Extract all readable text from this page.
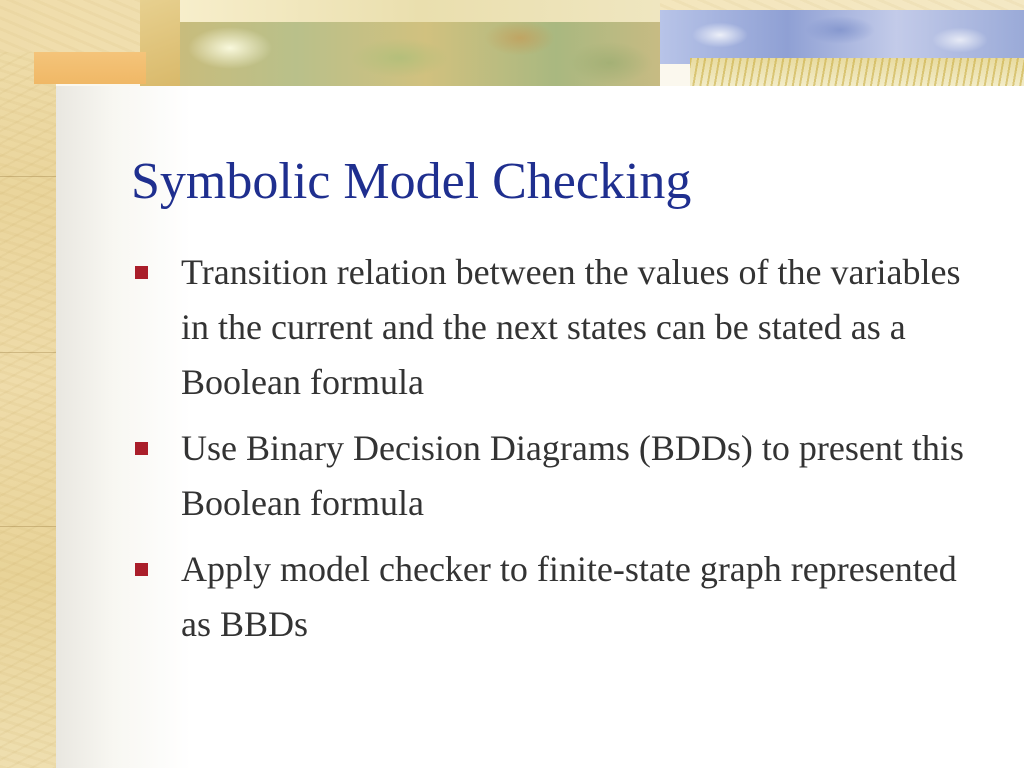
Symbolic Model Checking
Transition relation between the values of the variables in the current and the next states can be stated as a Boolean formula
Use Binary Decision Diagrams (BDDs) to present this Boolean formula
Apply model checker to finite-state graph represented as BBDs
